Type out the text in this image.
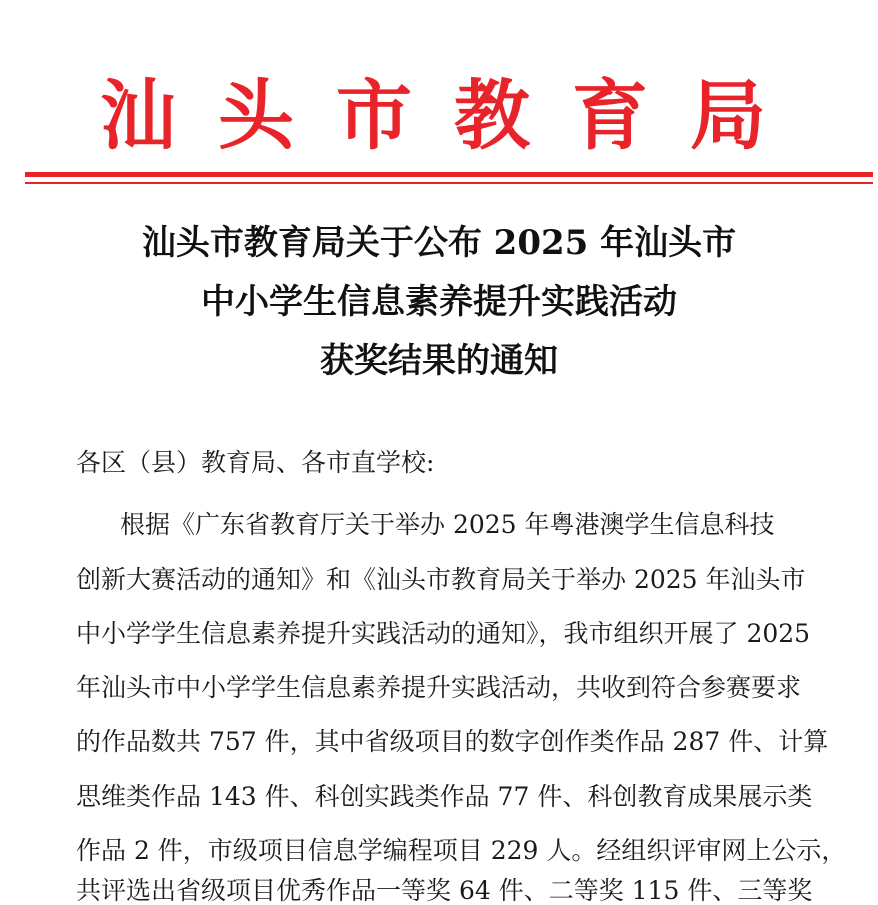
汕头市教育局
汕头市教育局关于公布 2025 年汕头市
中小学生信息素养提升实践活动
获奖结果的通知
各区（县）教育局、各市直学校:
根据《广东省教育厅关于举办 2025 年粤港澳学生信息科技
创新大赛活动的通知》和《汕头市教育局关于举办 2025 年汕头市
中小学学生信息素养提升实践活动的通知》，我市组织开展了 2025
年汕头市中小学学生信息素养提升实践活动，共收到符合参赛要求
的作品数共 757 件，其中省级项目的数字创作类作品 287 件、计算
思维类作品 143 件、科创实践类作品 77 件、科创教育成果展示类
作品 2 件，市级项目信息学编程项目 229 人。经组织评审网上公示，
共评选出省级项目优秀作品一等奖 64 件、二等奖 115 件、三等奖
